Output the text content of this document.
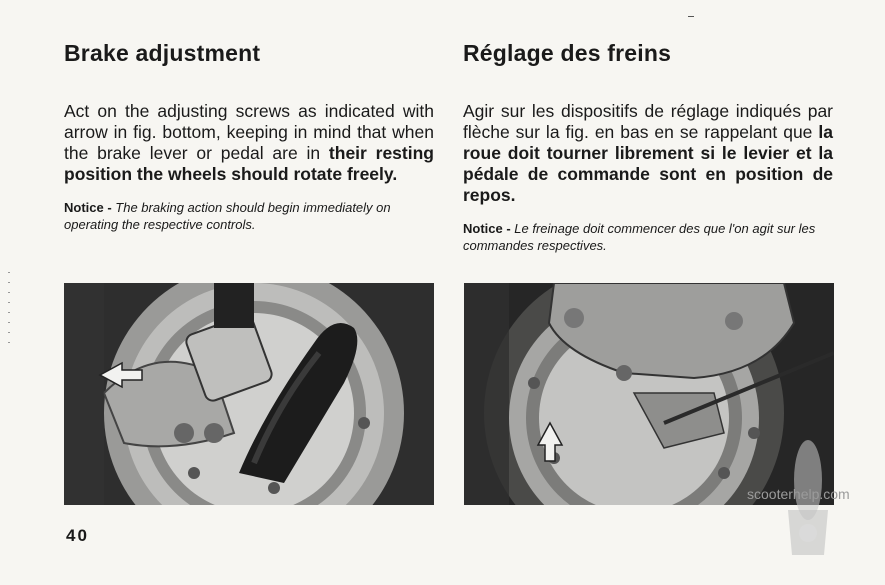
Brake adjustment

Act on the adjusting screws as indicated with arrow in fig. bottom, keeping in mind that when the brake lever or pedal are in their resting position the wheels should rotate freely.

Notice - The braking action should begin immediately on operating the respective controls.

Réglage des freins

Agir sur les dispositifs de réglage indiqués par flèche sur la fig. en bas en se rappelant que la roue doit tourner librement si le levier et la pédale de commande sont en position de repos.

Notice - Le freinage doit commencer des que l'on agit sur les commandes respectives.

40
scooterhelp.com
